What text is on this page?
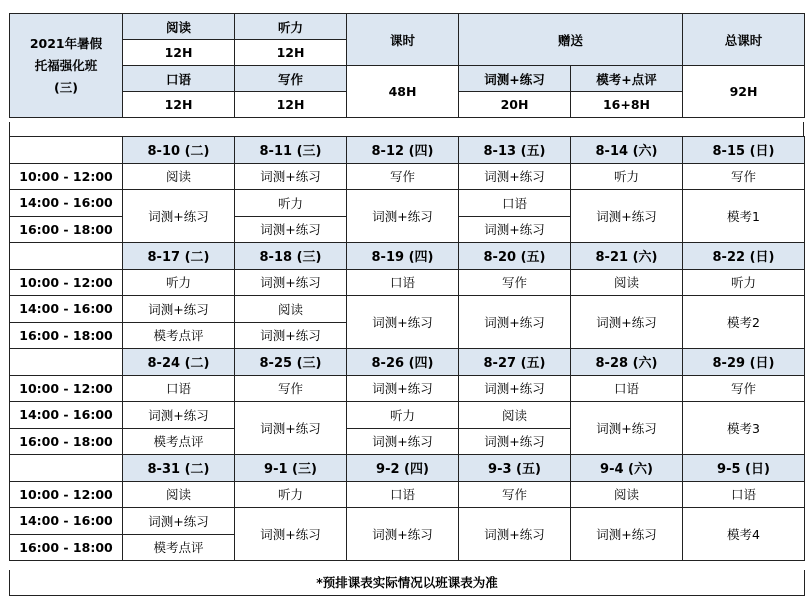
2021年暑假
托福强化班
(三)	阅读	听力	课时	赠送		总课时
	12H	12H				
	口语	写作	48H	词测+练习	模考+点评	92H
	12H	12H		20H	16+8H	
	8-10 (二)	8-11 (三)	8-12 (四)	8-13 (五)	8-14 (六)	8-15 (日)
10:00 - 12:00	阅读	词测+练习	写作	词测+练习	听力	写作
14:00 - 16:00	词测+练习	听力	词测+练习	口语	词测+练习	模考1
16:00 - 18:00		词测+练习		词测+练习		
	8-17 (二)	8-18 (三)	8-19 (四)	8-20 (五)	8-21 (六)	8-22 (日)
10:00 - 12:00	听力	词测+练习	口语	写作	阅读	听力
14:00 - 16:00	词测+练习	阅读	词测+练习	词测+练习	词测+练习	模考2
16:00 - 18:00	模考点评	词测+练习				
	8-24 (二)	8-25 (三)	8-26 (四)	8-27 (五)	8-28 (六)	8-29 (日)
10:00 - 12:00	口语	写作	词测+练习	词测+练习	口语	写作
14:00 - 16:00	词测+练习	词测+练习	听力	阅读	词测+练习	模考3
16:00 - 18:00	模考点评		词测+练习	词测+练习		
	8-31 (二)	9-1 (三)	9-2 (四)	9-3 (五)	9-4 (六)	9-5 (日)
10:00 - 12:00	阅读	听力	口语	写作	阅读	口语
14:00 - 16:00	词测+练习	词测+练习	词测+练习	词测+练习	词测+练习	模考4
16:00 - 18:00	模考点评					
*预排课表实际情况以班课表为准
